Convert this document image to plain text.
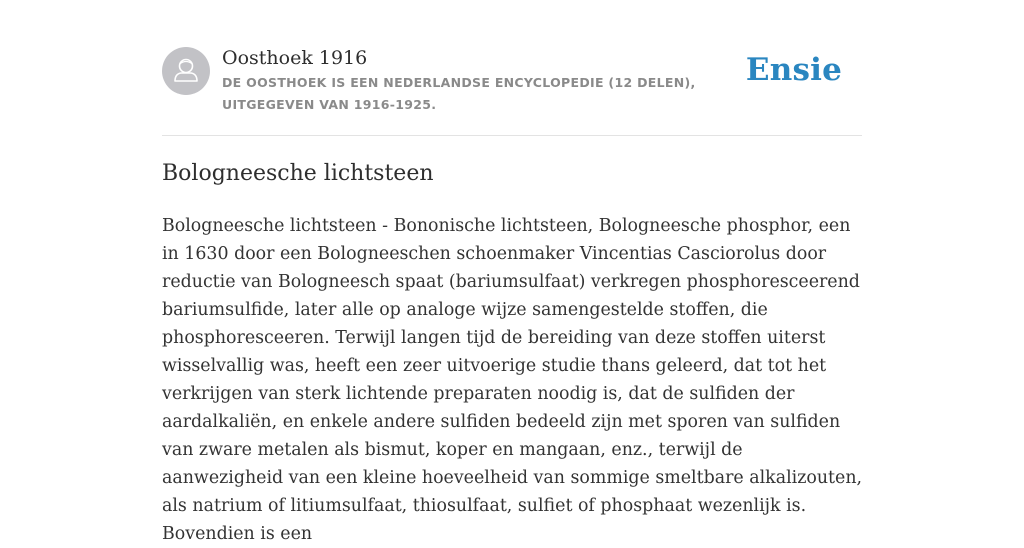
Oosthoek 1916
DE OOSTHOEK IS EEN NEDERLANDSE ENCYCLOPEDIE (12 DELEN), UITGEGEVEN VAN 1916-1925.
Ensie
Bologneesche lichtsteen

Bologneesche lichtsteen - Bononische lichtsteen, Bologneesche phosphor, een in 1630 door een Bologneeschen schoenmaker Vincentias Casciorolus door reductie van Bologneesch spaat (bariumsulfaat) verkregen phosphoresceerend bariumsulfide, later alle op analoge wijze samengestelde stoffen, die phosphoresceeren. Terwijl langen tijd de bereiding van deze stoffen uiterst wisselvallig was, heeft een zeer uitvoerige studie thans geleerd, dat tot het verkrijgen van sterk lichtende preparaten noodig is, dat de sulfiden der aardalkaliën, en enkele andere sulfiden bedeeld zijn met sporen van sulfiden van zware metalen als bismut, koper en mangaan, enz., terwijl de aanwezigheid van een kleine hoeveelheid van sommige smeltbare alkalizouten, als natrium of litiumsulfaat, thiosulfaat, sulfiet of phosphaat wezenlijk is. Bovendien is een
